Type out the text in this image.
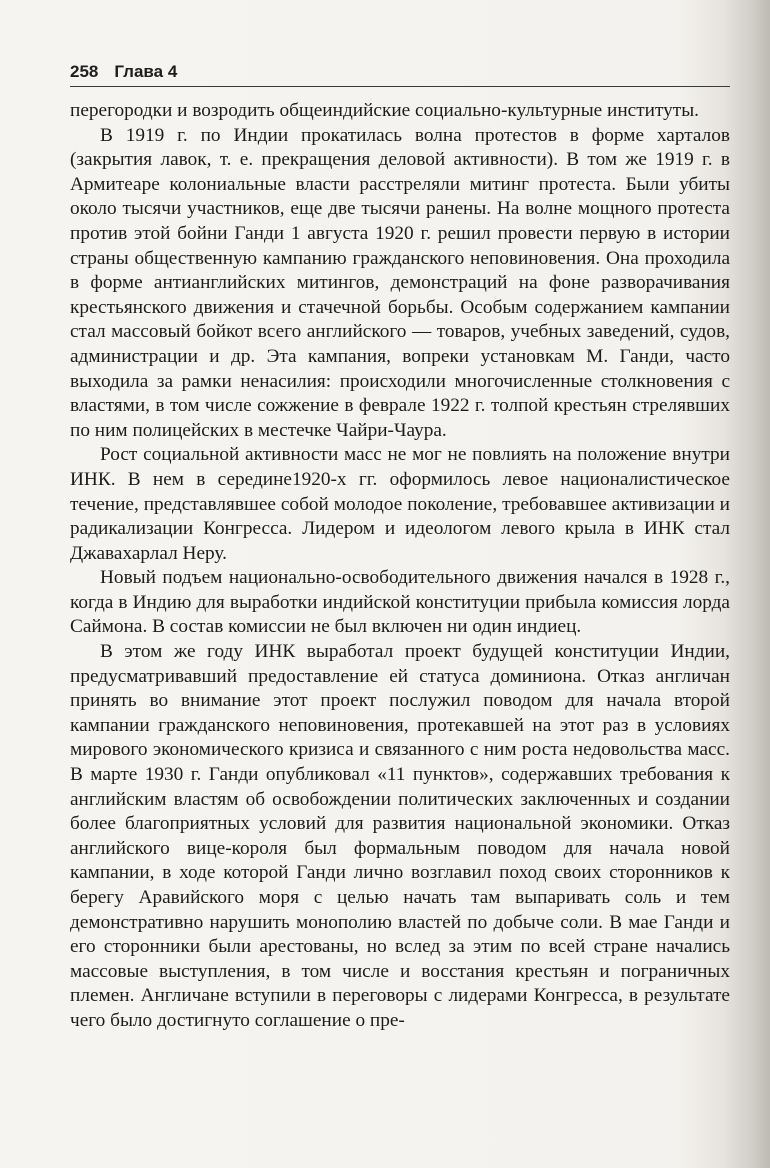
258 Глава 4

перегородки и возродить общеиндийские социально-культурные институты.

В 1919 г. по Индии прокатилась волна протестов в форме харталов (закрытия лавок, т. е. прекращения деловой активности). В том же 1919 г. в Армитеаре колониальные власти расстреляли митинг протеста. Были убиты около тысячи участников, еще две тысячи ранены. На волне мощного протеста против этой бойни Ганди 1 августа 1920 г. решил провести первую в истории страны общественную кампанию гражданского неповиновения. Она проходила в форме антианглийских митингов, демонстраций на фоне разворачивания крестьянского движения и стачечной борьбы. Особым содержанием кампании стал массовый бойкот всего английского — товаров, учебных заведений, судов, администрации и др. Эта кампания, вопреки установкам М. Ганди, часто выходила за рамки ненасилия: происходили многочисленные столкновения с властями, в том числе сожжение в феврале 1922 г. толпой крестьян стрелявших по ним полицейских в местечке Чайри-Чаура.

Рост социальной активности масс не мог не повлиять на положение внутри ИНК. В нем в середине1920-х гг. оформилось левое националистическое течение, представлявшее собой молодое поколение, требовавшее активизации и радикализации Конгресса. Лидером и идеологом левого крыла в ИНК стал Джавахарлал Неру.

Новый подъем национально-освободительного движения начался в 1928 г., когда в Индию для выработки индийской конституции прибыла комиссия лорда Саймона. В состав комиссии не был включен ни один индиец.

В этом же году ИНК выработал проект будущей конституции Индии, предусматривавший предоставление ей статуса доминиона. Отказ англичан принять во внимание этот проект послужил поводом для начала второй кампании гражданского неповиновения, протекавшей на этот раз в условиях мирового экономического кризиса и связанного с ним роста недовольства масс. В марте 1930 г. Ганди опубликовал «11 пунктов», содержавших требования к английским властям об освобождении политических заключенных и создании более благоприятных условий для развития национальной экономики. Отказ английского вице-короля был формальным поводом для начала новой кампании, в ходе которой Ганди лично возглавил поход своих сторонников к берегу Аравийского моря с целью начать там выпаривать соль и тем демонстративно нарушить монополию властей по добыче соли. В мае Ганди и его сторонники были арестованы, но вслед за этим по всей стране начались массовые выступления, в том числе и восстания крестьян и пограничных племен. Англичане вступили в переговоры с лидерами Конгресса, в результате чего было достигнуто соглашение о пре-
